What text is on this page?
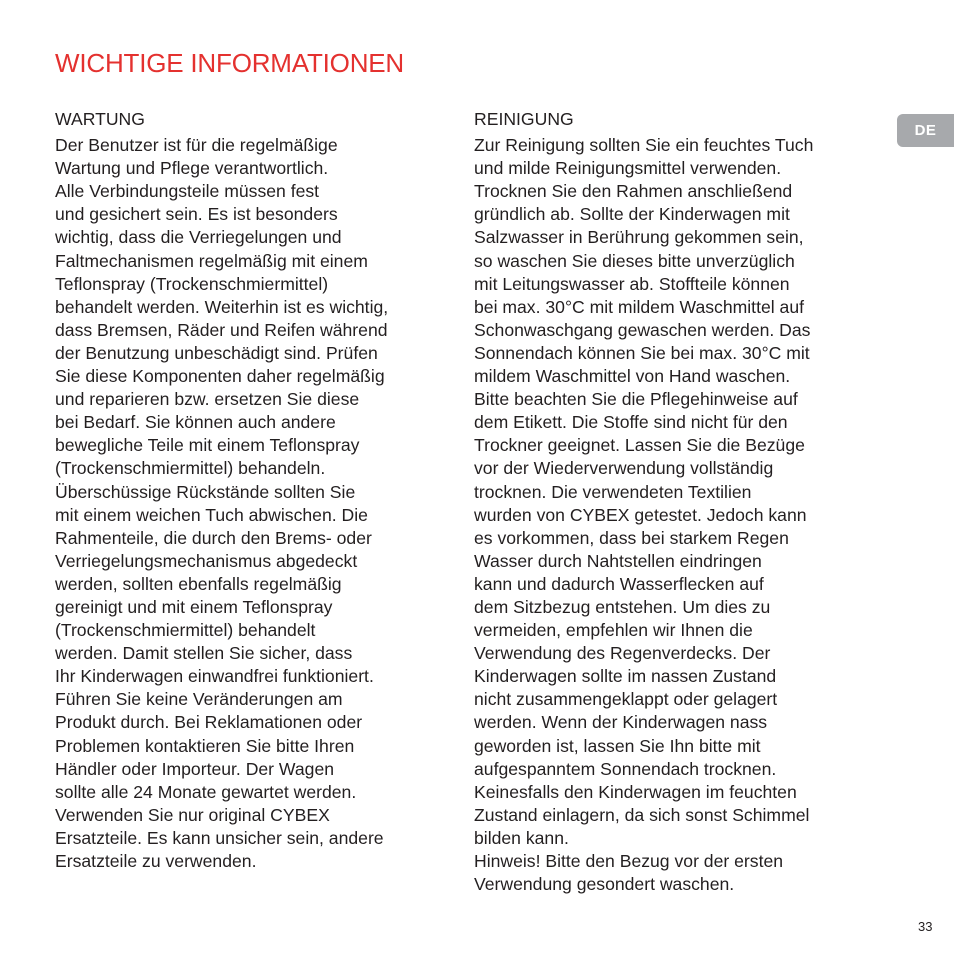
WICHTIGE INFORMATIONEN
WARTUNG
Der Benutzer ist für die regelmäßige
Wartung und Pflege verantwortlich.
Alle Verbindungsteile müssen fest
und gesichert sein. Es ist besonders
wichtig, dass die Verriegelungen und
Faltmechanismen regelmäßig mit einem
Teflonspray (Trockenschmiermittel)
behandelt werden. Weiterhin ist es wichtig,
dass Bremsen, Räder und Reifen während
der Benutzung unbeschädigt sind. Prüfen
Sie diese Komponenten daher regelmäßig
und reparieren bzw. ersetzen Sie diese
bei Bedarf. Sie können auch andere
bewegliche Teile mit einem Teflonspray
(Trockenschmiermittel) behandeln.
Überschüssige Rückstände sollten Sie
mit einem weichen Tuch abwischen. Die
Rahmenteile, die durch den Brems- oder
Verriegelungsmechanismus abgedeckt
werden, sollten ebenfalls regelmäßig
gereinigt und mit einem Teflonspray
(Trockenschmiermittel) behandelt
werden. Damit stellen Sie sicher, dass
Ihr Kinderwagen einwandfrei funktioniert.
Führen Sie keine Veränderungen am
Produkt durch. Bei Reklamationen oder
Problemen kontaktieren Sie bitte Ihren
Händler oder Importeur. Der Wagen
sollte alle 24 Monate gewartet werden.
Verwenden Sie nur original CYBEX
Ersatzteile. Es kann unsicher sein, andere
Ersatzteile zu verwenden.
REINIGUNG
Zur Reinigung sollten Sie ein feuchtes Tuch
und milde Reinigungsmittel verwenden.
Trocknen Sie den Rahmen anschließend
gründlich ab. Sollte der Kinderwagen mit
Salzwasser in Berührung gekommen sein,
so waschen Sie dieses bitte unverzüglich
mit Leitungswasser ab. Stoffteile können
bei max. 30°C mit mildem Waschmittel auf
Schonwaschgang gewaschen werden. Das
Sonnendach können Sie bei max. 30°C mit
mildem Waschmittel von Hand waschen.
Bitte beachten Sie die Pflegehinweise auf
dem Etikett. Die Stoffe sind nicht für den
Trockner geeignet. Lassen Sie die Bezüge
vor der Wiederverwendung vollständig
trocknen. Die verwendeten Textilien
wurden von CYBEX getestet. Jedoch kann
es vorkommen, dass bei starkem Regen
Wasser durch Nahtstellen eindringen
kann und dadurch Wasserflecken auf
dem Sitzbezug entstehen. Um dies zu
vermeiden, empfehlen wir Ihnen die
Verwendung des Regenverdecks. Der
Kinderwagen sollte im nassen Zustand
nicht zusammengeklappt oder gelagert
werden. Wenn der Kinderwagen nass
geworden ist, lassen Sie Ihn bitte mit
aufgespanntem Sonnendach trocknen.
Keinesfalls den Kinderwagen im feuchten
Zustand einlagern, da sich sonst Schimmel
bilden kann.
Hinweis! Bitte den Bezug vor der ersten
Verwendung gesondert waschen.
DE
33
